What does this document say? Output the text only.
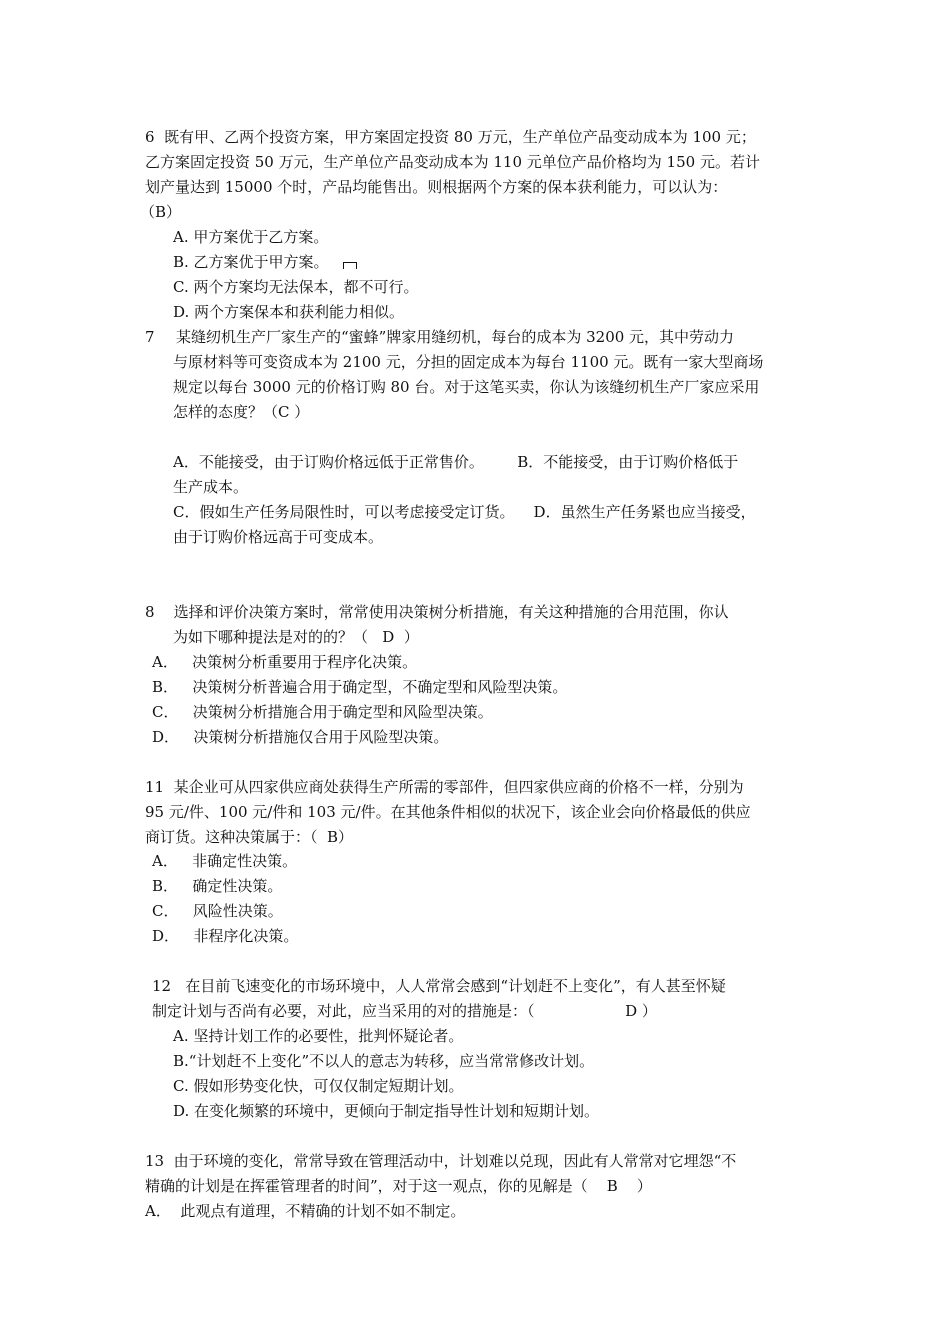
6  既有甲、乙两个投资方案，甲方案固定投资 80 万元，生产单位产品变动成本为 100 元；
乙方案固定投资 50 万元，生产单位产品变动成本为 110 元单位产品价格均为 150 元。若计
划产量达到 15000 个时，产品均能售出。则根据两个方案的保本获利能力，可以认为：
（B）
A. 甲方案优于乙方案。
B. 乙方案优于甲方案。
C. 两个方案均无法保本，都不可行。
D. 两个方案保本和获利能力相似。
7 某缝纫机生产厂家生产的“蜜蜂”牌家用缝纫机，每台的成本为 3200 元，其中劳动力
与原材料等可变资成本为 2100 元，分担的固定成本为每台 1100 元。既有一家大型商场
规定以每台 3000 元的价格订购 80 台。对于这笔买卖，你认为该缝纫机生产厂家应采用
怎样的态度？（C ）
A．不能接受，由于订购价格远低于正常售价。       B．不能接受，由于订购价格低于
生产成本。
C．假如生产任务局限性时，可以考虑接受定订货。    D．虽然生产任务紧也应当接受，
由于订购价格远高于可变成本。
8    选择和评价决策方案时，常常使用决策树分析措施，有关这种措施的合用范围，你认
为如下哪种提法是对的的？（   D  ）
A．   决策树分析重要用于程序化决策。
B．   决策树分析普遍合用于确定型，不确定型和风险型决策。
C．   决策树分析措施合用于确定型和风险型决策。
D．   决策树分析措施仅合用于风险型决策。
11  某企业可从四家供应商处获得生产所需的零部件，但四家供应商的价格不一样，分别为
95 元/件、100 元/件和 103 元/件。在其他条件相似的状况下，该企业会向价格最低的供应
商订货。这种决策属于：（  B）
A．   非确定性决策。
B．   确定性决策。
C．   风险性决策。
D．   非程序化决策。
12   在目前飞速变化的市场环境中，人人常常会感到“计划赶不上变化”，有人甚至怀疑
制定计划与否尚有必要，对此，应当采用的对的措施是：（                   D ）
A. 坚持计划工作的必要性，批判怀疑论者。
B.“计划赶不上变化”不以人的意志为转移，应当常常修改计划。
C. 假如形势变化快，可仅仅制定短期计划。
D. 在变化频繁的环境中，更倾向于制定指导性计划和短期计划。
13  由于环境的变化，常常导致在管理活动中，计划难以兑现，因此有人常常对它埋怨“不
精确的计划是在挥霍管理者的时间”，对于这一观点，你的见解是（    B    ）
A．  此观点有道理，不精确的计划不如不制定。
